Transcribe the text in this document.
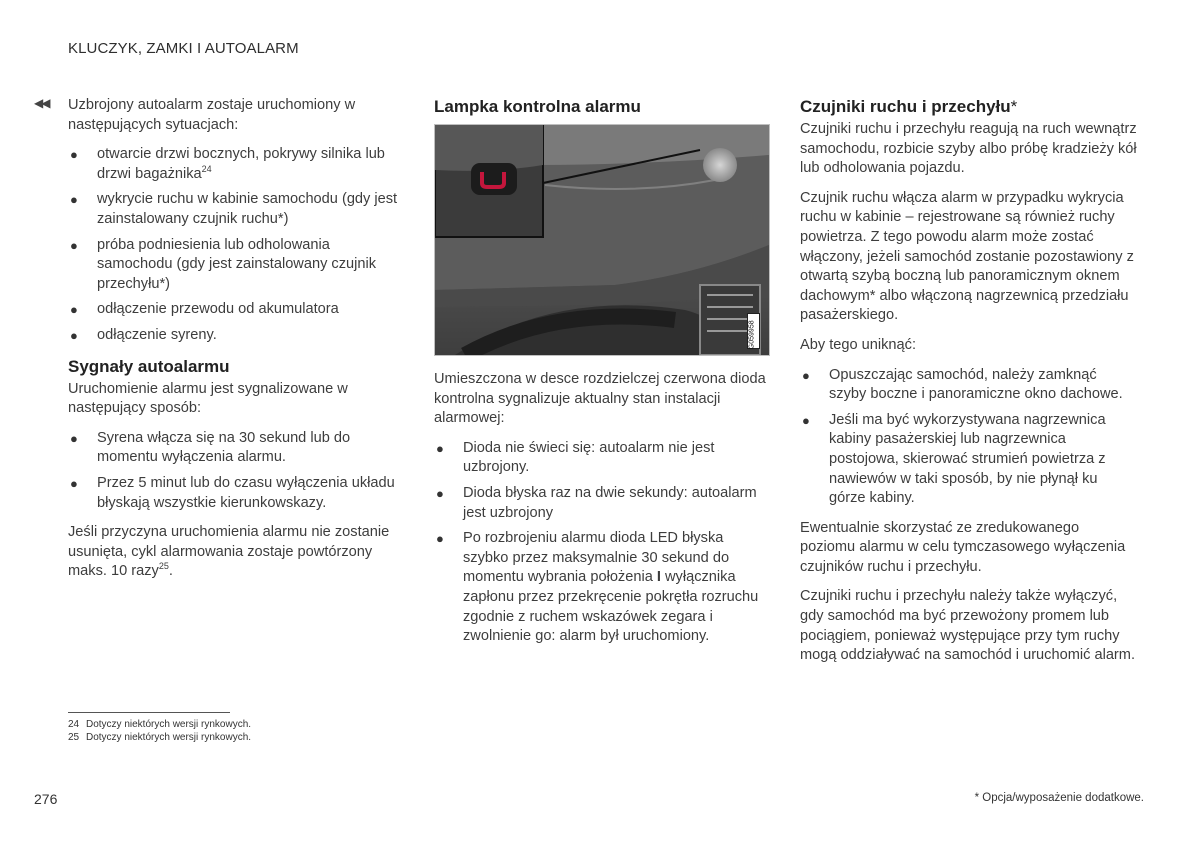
KLUCZYK, ZAMKI I AUTOALARM
◀◀ Uzbrojony autoalarm zostaje uruchomiony w następujących sytuacjach:

● otwarcie drzwi bocznych, pokrywy silnika lub drzwi bagażnika$^{24}$
● wykrycie ruchu w kabinie samochodu (gdy jest zainstalowany czujnik ruchu*)
● próba podniesienia lub odholowania samochodu (gdy jest zainstalowany czujnik przechyłu*)
● odłączenie przewodu od akumulatora
● odłączenie syreny.
Sygnały autoalarmu

Uruchomienie alarmu jest sygnalizowane w następujący sposób:

● Syrena włącza się na 30 sekund lub do momentu wyłączenia alarmu.
● Przez 5 minut lub do czasu wyłączenia układu błyskają wszystkie kierunkowskazy.

Jeśli przyczyna uruchomienia alarmu nie zostanie usunięta, cykl alarmowania zostaje powtórzony maks. 10 razy$^{25}$.

Lampka kontrolna alarmu
G059958

Umieszczona w desce rozdzielczej czerwona dioda kontrolna sygnalizuje aktualny stan instalacji alarmowej:

● Dioda nie świeci się: autoalarm nie jest uzbrojony.
● Dioda błyska raz na dwie sekundy: autoalarm jest uzbrojony
● Po rozbrojeniu alarmu dioda LED błyska szybko przez maksymalnie 30 sekund do momentu wybrania położenia I wyłącznika zapłonu przez przekręcenie pokrętła rozruchu zgodnie z ruchem wskazówek zegara i zwolnienie go: alarm był uruchomiony.
Czujniki ruchu i przechyłu*

Czujniki ruchu i przechyłu reagują na ruch wewnątrz samochodu, rozbicie szyby albo próbę kradzieży kół lub odholowania pojazdu.

Czujnik ruchu włącza alarm w przypadku wykrycia ruchu w kabinie – rejestrowane są również ruchy powietrza. Z tego powodu alarm może zostać włączony, jeżeli samochód zostanie pozostawiony z otwartą szybą boczną lub panoramicznym oknem dachowym* albo włączoną nagrzewnicą przedziału pasażerskiego.

Aby tego uniknąć:

● Opuszczając samochód, należy zamknąć szyby boczne i panoramiczne okno dachowe.
● Jeśli ma być wykorzystywana nagrzewnica kabiny pasażerskiej lub nagrzewnica postojowa, skierować strumień powietrza z nawiewów w taki sposób, by nie płynął ku górze kabiny.

Ewentualnie skorzystać ze zredukowanego poziomu alarmu w celu tymczasowego wyłączenia czujników ruchu i przechyłu.

Czujniki ruchu i przechyłu należy także wyłączyć, gdy samochód ma być przewożony promem lub pociągiem, ponieważ występujące przy tym ruchy mogą oddziaływać na samochód i uruchomić alarm.

24 Dotyczy niektórych wersji rynkowych.
25 Dotyczy niektórych wersji rynkowych.
276	* Opcja/wyposażenie dodatkowe.
